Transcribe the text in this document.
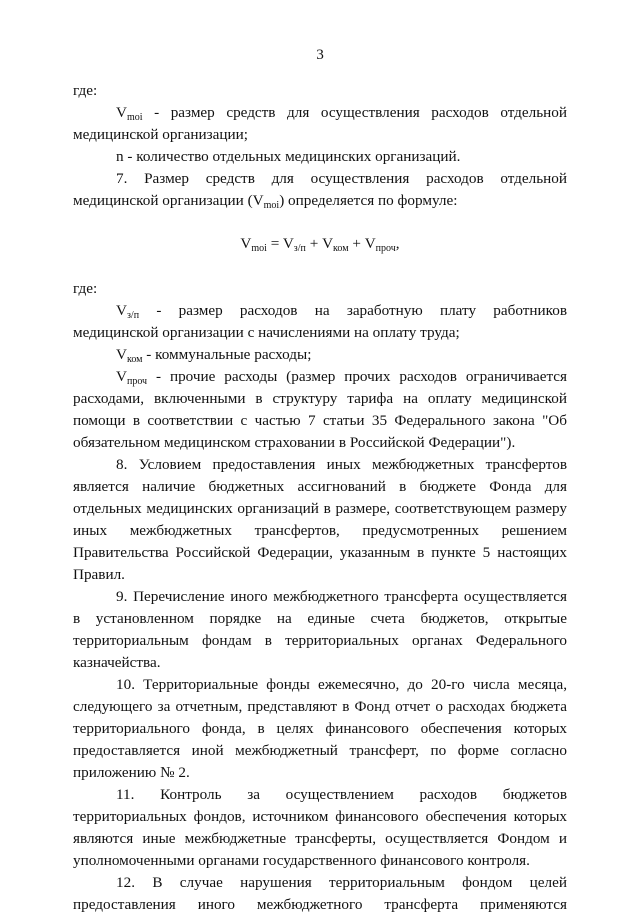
3

где:

$V_{moi}$ - размер средств для осуществления расходов отдельной

медицинской организации;

n - количество отдельных медицинских организаций.

7. Размер средств для осуществления расходов отдельной

медицинской организации $(V_{moi})$ определяется по формуле:

$V_{moi} = V_{з/п} + V_{ком} + V_{проч}$,

где:

$V_{з/п}$ - размер расходов на заработную плату работников

медицинской организации с начислениями на оплату труда;

$V_{ком}$ - коммунальные расходы;

$V_{проч}$ - прочие расходы (размер прочих расходов ограничивается

расходами, включенными в структуру тарифа на оплату медицинской помощи в соответствии с частью 7 статьи 35 Федерального закона "Об обязательном медицинском страховании в Российской Федерации").

8. Условием предоставления иных межбюджетных трансфертов является наличие бюджетных ассигнований в бюджете Фонда для отдельных медицинских организаций в размере, соответствующем размеру иных межбюджетных трансфертов, предусмотренных решением Правительства Российской Федерации, указанным в пункте 5 настоящих Правил.

9. Перечисление иного межбюджетного трансферта осуществляется в установленном порядке на единые счета бюджетов, открытые территориальным фондам в территориальных органах Федерального казначейства.

10. Территориальные фонды ежемесячно, до 20-го числа месяца, следующего за отчетным, представляют в Фонд отчет о расходах бюджета территориального фонда, в целях финансового обеспечения которых предоставляется иной межбюджетный трансферт, по форме согласно приложению № 2.

11. Контроль за осуществлением расходов бюджетов территориальных фондов, источником финансового обеспечения которых являются иные межбюджетные трансферты, осуществляется Фондом и уполномоченными органами государственного финансового контроля.

12. В случае нарушения территориальным фондом целей предоставления иного межбюджетного трансферта применяются
